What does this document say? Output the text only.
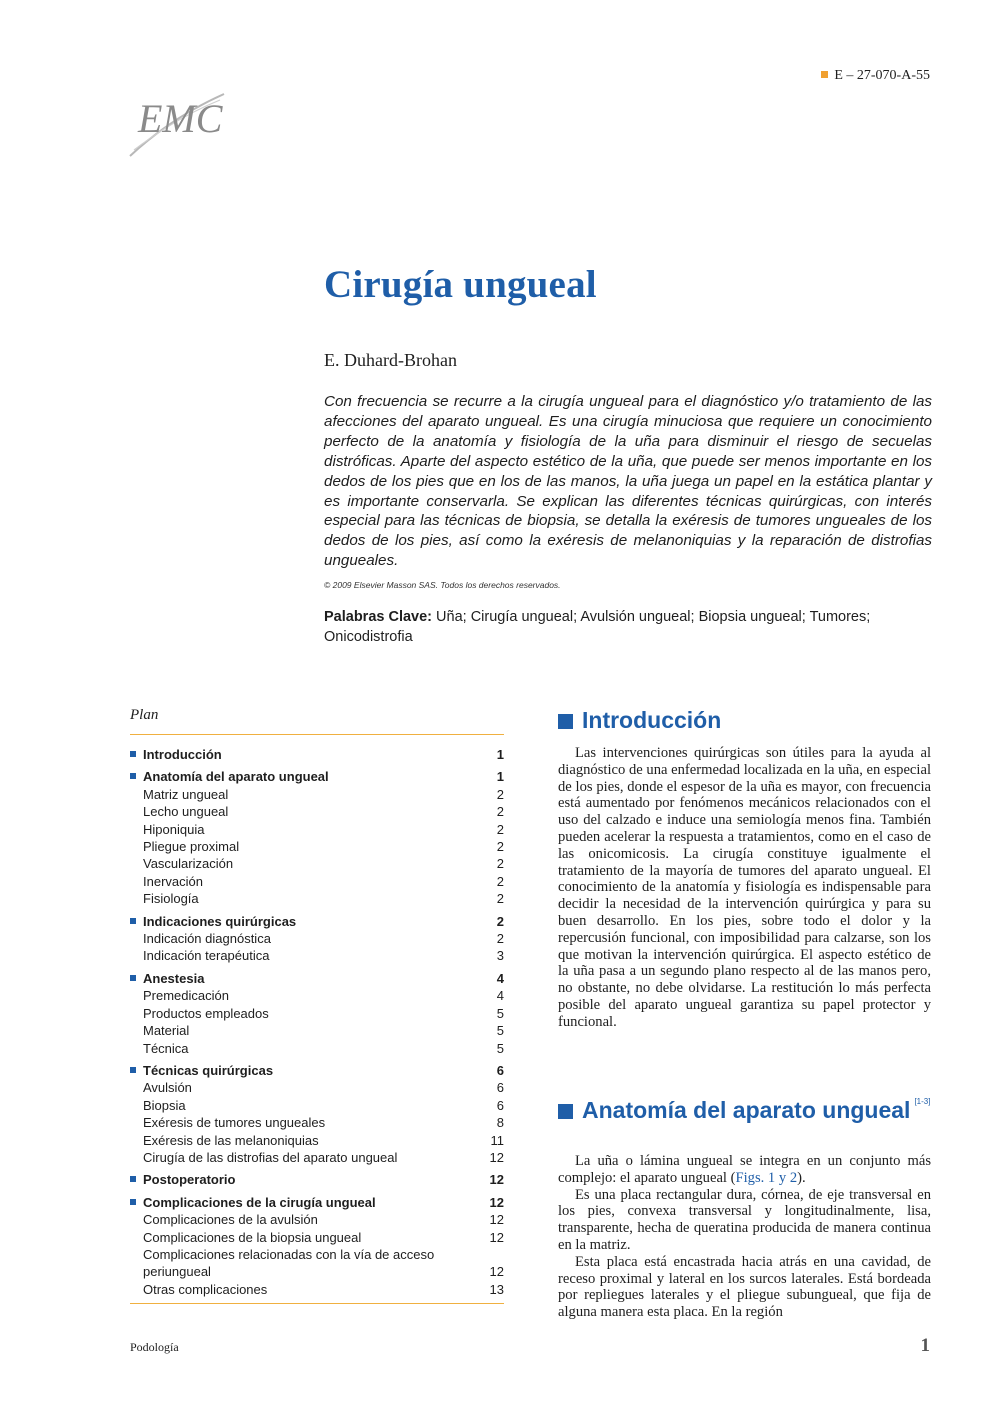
E – 27-070-A-55
EMC
Cirugía ungueal
E. Duhard-Brohan

Con frecuencia se recurre a la cirugía ungueal para el diagnóstico y/o tratamiento de las afecciones del aparato ungueal. Es una cirugía minuciosa que requiere un conocimiento perfecto de la anatomía y fisiología de la uña para disminuir el riesgo de secuelas distróficas. Aparte del aspecto estético de la uña, que puede ser menos importante en los dedos de los pies que en los de las manos, la uña juega un papel en la estática plantar y es importante conservarla. Se explican las diferentes técnicas quirúrgicas, con interés especial para las técnicas de biopsia, se detalla la exéresis de tumores ungueales de los dedos de los pies, así como la exéresis de melanoniquias y la reparación de distrofias ungueales.

© 2009 Elsevier Masson SAS. Todos los derechos reservados.
Palabras Clave: Uña; Cirugía ungueal; Avulsión ungueal; Biopsia ungueal; Tumores; Onicodistrofia
Plan
Introducción	1
Anatomía del aparato ungueal	1
Matriz ungueal	2
Lecho ungueal	2
Hiponiquia	2
Pliegue proximal	2
Vascularización	2
Inervación	2
Fisiología	2
Indicaciones quirúrgicas	2
Indicación diagnóstica	2
Indicación terapéutica	3
Anestesia	4
Premedicación	4
Productos empleados	5
Material	5
Técnica	5
Técnicas quirúrgicas	6
Avulsión	6
Biopsia	6
Exéresis de tumores ungueales	8
Exéresis de las melanoniquias	11
Cirugía de las distrofias del aparato ungueal	12
Postoperatorio	12
Complicaciones de la cirugía ungueal	12
Complicaciones de la avulsión	12
Complicaciones de la biopsia ungueal	12
Complicaciones relacionadas con la vía de acceso periungueal	12
Otras complicaciones	13
Introducción

Las intervenciones quirúrgicas son útiles para la ayuda al diagnóstico de una enfermedad localizada en la uña, en especial de los pies, donde el espesor de la uña es mayor, con frecuencia está aumentado por fenómenos mecánicos relacionados con el uso del calzado e induce una semiología menos fina. También pueden acelerar la respuesta a tratamientos, como en el caso de las onicomicosis. La cirugía constituye igualmente el tratamiento de la mayoría de tumores del aparato ungueal. El conocimiento de la anatomía y fisiología es indispensable para decidir la necesidad de la intervención quirúrgica y para su buen desarrollo. En los pies, sobre todo el dolor y la repercusión funcional, con imposibilidad para calzarse, son los que motivan la intervención quirúrgica. El aspecto estético de la uña pasa a un segundo plano respecto al de las manos pero, no obstante, no debe olvidarse. La restitución lo más perfecta posible del aparato ungueal garantiza su papel protector y funcional.

Anatomía del aparato ungueal [1-3]

La uña o lámina ungueal se integra en un conjunto más complejo: el aparato ungueal (Figs. 1 y 2).

Es una placa rectangular dura, córnea, de eje transversal en los pies, convexa transversal y longitudinalmente, lisa, transparente, hecha de queratina producida de manera continua en la matriz.

Esta placa está encastrada hacia atrás en una cavidad, de receso proximal y lateral en los surcos laterales. Está bordeada por repliegues laterales y el pliegue subungueal, que fija de alguna manera esta placa. En la región

Podología	1
